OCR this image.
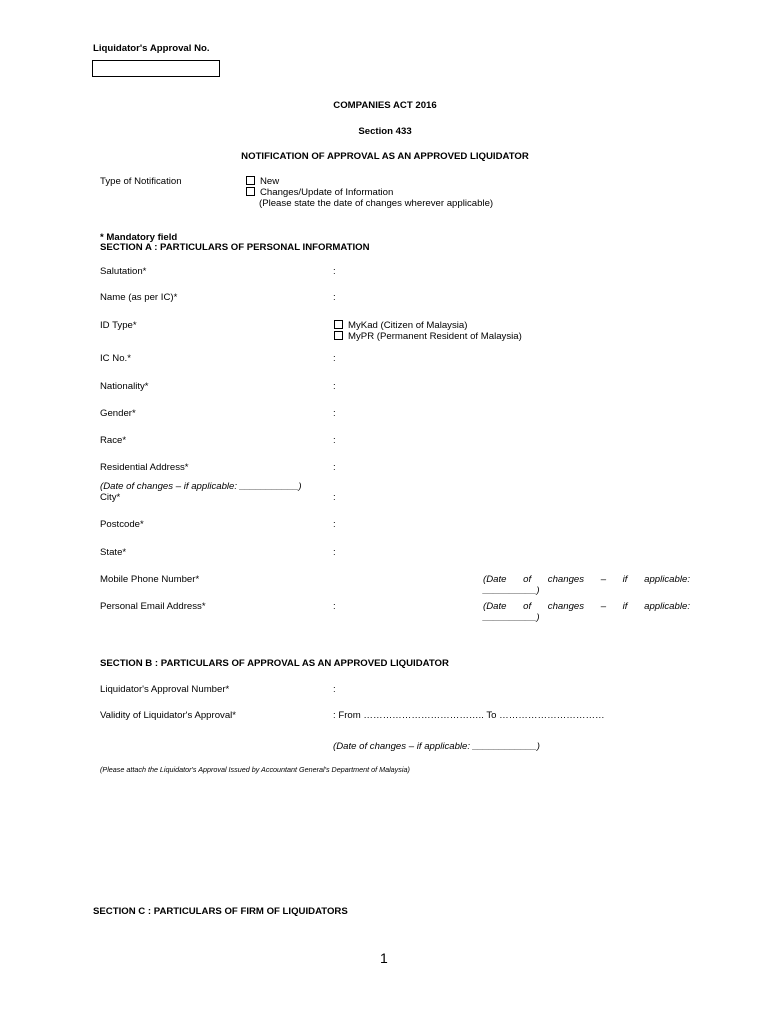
Liquidator's Approval No.
COMPANIES ACT 2016
Section 433
NOTIFICATION OF APPROVAL AS AN APPROVED LIQUIDATOR
Type of Notification	New
Changes/Update of Information
(Please state the date of changes wherever applicable)
* Mandatory field
SECTION A : PARTICULARS OF PERSONAL INFORMATION
Salutation*	:
Name (as per IC)*	:
ID Type*	MyKad (Citizen of Malaysia)
MyPR (Permanent Resident of Malaysia)
IC No.*	:
Nationality*	:
Gender*	:
Race*	:
Residential Address*	:
(Date of changes – if applicable: ___________)
City*	:
Postcode*	:
State*	:
Mobile Phone Number*	(Date of changes – if applicable:
__________)
Personal Email Address*	:	(Date of changes – if applicable:
__________)
SECTION B : PARTICULARS OF APPROVAL AS AN APPROVED LIQUIDATOR
Liquidator's Approval Number*	:
Validity of Liquidator's Approval*	: From ……………………………….. To ……………………………
(Date of changes – if applicable: ____________)
(Please attach the Liquidator's Approval Issued by Accountant General's Department of Malaysia)
SECTION C : PARTICULARS OF FIRM OF LIQUIDATORS
1
